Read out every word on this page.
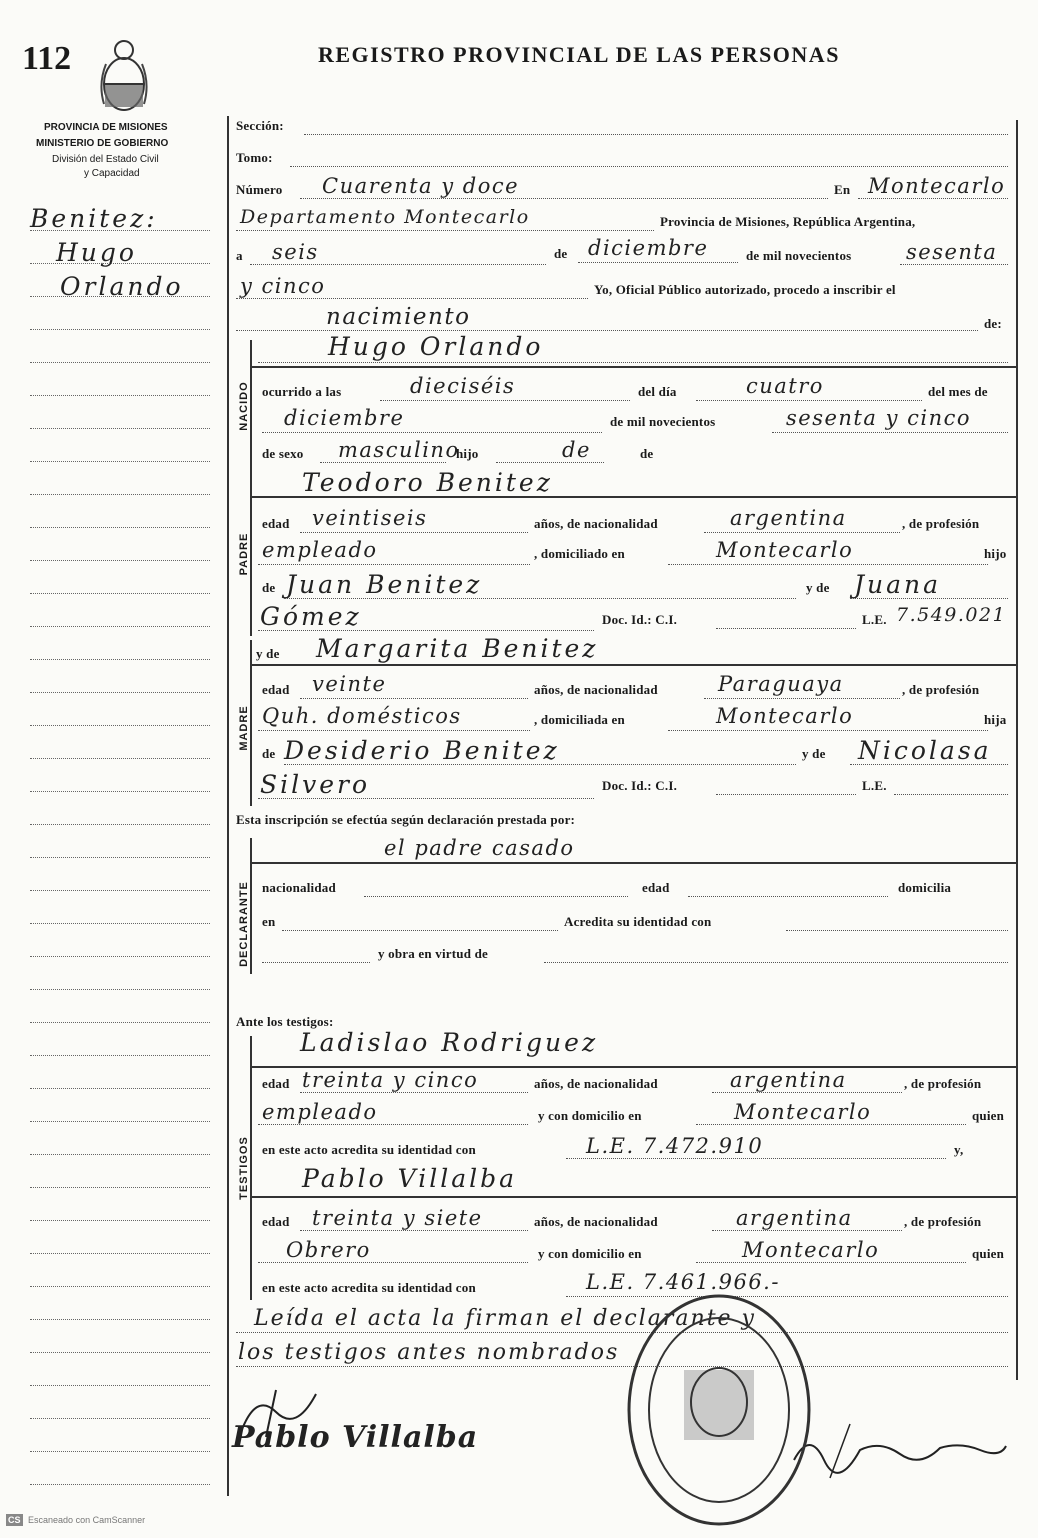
112	REGISTRO PROVINCIAL DE LAS PERSONAS
PROVINCIA DE MISIONES
MINISTERIO DE GOBIERNO
División del Estado Civil
y Capacidad
Benitez:
Hugo
Orlando
Sección:
Tomo:
Número Cuarenta y doce	En Montecarlo
Departamento Montecarlo	Provincia de Misiones, República Argentina,
a seis	de diciembre	de mil novecientos	sesenta
y cinco	Yo, Oficial Público autorizado, procedo a inscribir el
nacimiento	de:
NACIDO
Hugo Orlando
ocurrido a las	dieciséis	del día	cuatro	del mes de
diciembre	de mil novecientos	sesenta y cinco
de sexo masculino
hijo	de	de
PADRE
Teodoro Benitez
edad veintiseis	años, de nacionalidad	argentina	, de profesión
empleado	, domiciliado en	Montecarlo	hijo
de Juan Benitez	y de Juana
Gómez	Doc. Id.: C.I.	L.E. 7.549.021
MADRE
y de Margarita Benitez
edad veinte	años, de nacionalidad	Paraguaya	, de profesión
Quh. domésticos	, domiciliada en	Montecarlo	hija
de Desiderio Benitez	y de Nicolasa
Silvero	Doc. Id.: C.I.	L.E.
Esta inscripción se efectúa según declaración prestada por:
DECLARANTE
el padre casado
nacionalidad	edad	domicilia
en	Acredita su identidad con
y obra en virtud de
Ante los testigos:
TESTIGOS
Ladislao Rodriguez
edad treinta y cinco	años, de nacionalidad	argentina	, de profesión
empleado	y con domicilio en	Montecarlo	quien
en este acto acredita su identidad con	L.E. 7.472.910	y,
Pablo Villalba
edad treinta y siete	años, de nacionalidad	argentina	, de profesión
Obrero	y con domicilio en	Montecarlo	quien
en este acto acredita su identidad con	L.E. 7.461.966.-
Leída el acta la firman el declarante y
los testigos antes nombrados
Pablo Villalba
CS Escaneado con CamScanner
